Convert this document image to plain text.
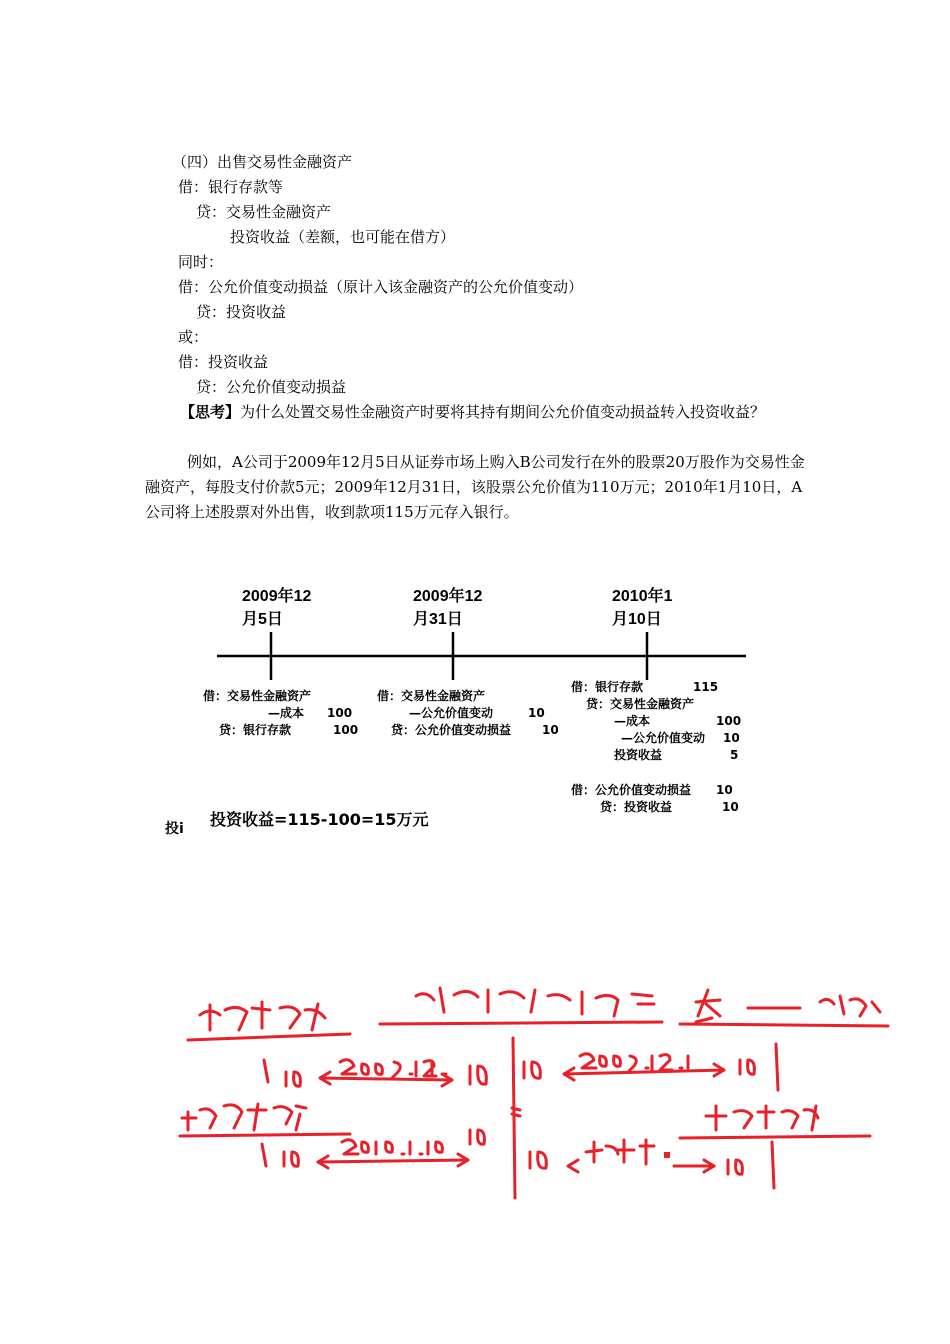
（四）出售交易性金融资产
借：银行存款等
贷：交易性金融资产
投资收益（差额，也可能在借方）
同时：
借：公允价值变动损益（原计入该金融资产的公允价值变动）
贷：投资收益
或：
借：投资收益
贷：公允价值变动损益
【思考】为什么处置交易性金融资产时要将其持有期间公允价值变动损益转入投资收益？
例如，A公司于2009年12月5日从证券市场上购入B公司发行在外的股票20万股作为交易性金融资产，每股支付价款5元；2009年12月31日，该股票公允价值为110万元；2010年1月10日，A公司将上述股票对外出售，收到款项115万元存入银行。
2009年12
月5日
2009年12
月31日
2010年1
月10日
借：交易性金融资产
—成本 100
贷：银行存款	100
借：交易性金融资产
—公允价值变动	10
贷：公允价值变动损益	10
借：银行存款	115
贷：交易性金融资产
—成本	100
—公允价值变动 10
投资收益	5
借：公允价值变动损益 10
贷：投资收益	10
投i 投资收益=115-100=15万元
